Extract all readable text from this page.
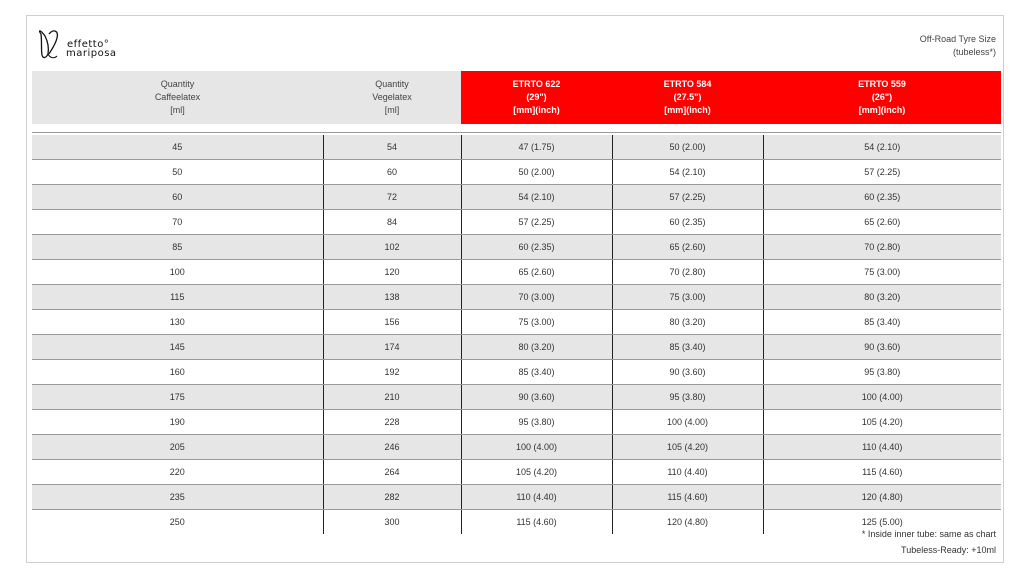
effetto°
mariposa
Off-Road Tyre Size
(tubeless*)
Quantity
Caffeelatex
[ml]

Quantity
Vegelatex
[ml]

ETRTO 622
(29")
[mm](inch)

ETRTO 584
(27.5")
[mm](inch)

ETRTO 559
(26")
[mm](inch)
45	54	47 (1.75)	50 (2.00)	54 (2.10)
50	60	50 (2.00)	54 (2.10)	57 (2.25)
60	72	54 (2.10)	57 (2.25)	60 (2.35)
70	84	57 (2.25)	60 (2.35)	65 (2.60)
85	102	60 (2.35)	65 (2.60)	70 (2.80)
100	120	65 (2.60)	70 (2.80)	75 (3.00)
115	138	70 (3.00)	75 (3.00)	80 (3.20)
130	156	75 (3.00)	80 (3.20)	85 (3.40)
145	174	80 (3.20)	85 (3.40)	90 (3.60)
160	192	85 (3.40)	90 (3.60)	95 (3.80)
175	210	90 (3.60)	95 (3.80)	100 (4.00)
190	228	95 (3.80)	100 (4.00)	105 (4.20)
205	246	100 (4.00)	105 (4.20)	110 (4.40)
220	264	105 (4.20)	110 (4.40)	115 (4.60)
235	282	110 (4.40)	115 (4.60)	120 (4.80)
250	300	115 (4.60)	120 (4.80)	125 (5.00)
* Inside inner tube: same as chart
Tubeless-Ready: +10ml
